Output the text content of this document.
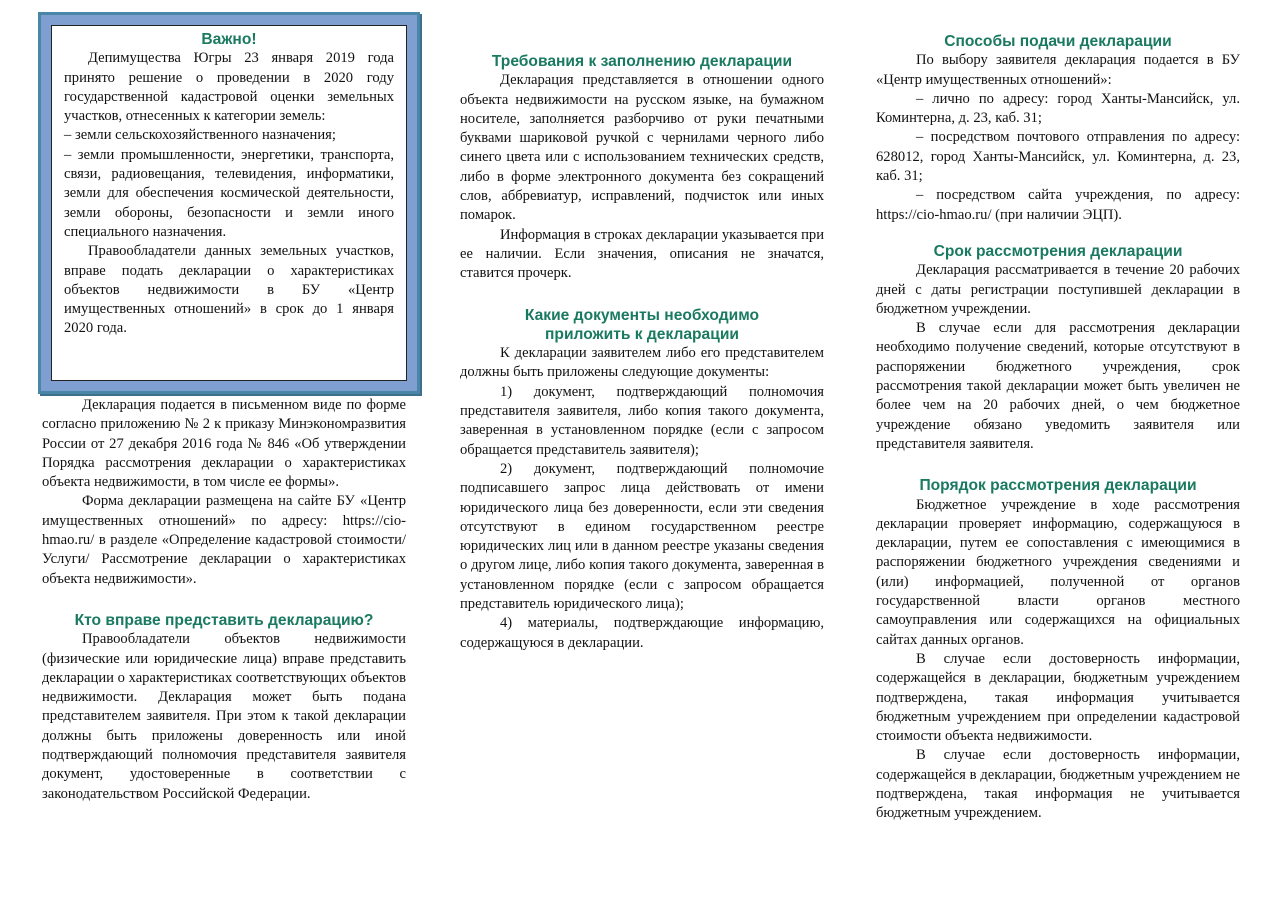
Важно!

Депимущества Югры 23 января 2019 года принято решение о проведении в 2020 году государственной кадастровой оценки земельных участков, отнесенных к категории земель:

– земли сельскохозяйственного назначения;

– земли промышленности, энергетики, транспорта, связи, радиовещания, телевидения, информатики, земли для обеспечения космической деятельности, земли обороны, безопасности и земли иного специального назначения.

Правообладатели данных земельных участков, вправе подать декларации о характеристиках объектов недвижимости в БУ «Центр имущественных отношений» в срок до 1 января 2020 года.

Декларация подается в письменном виде по форме согласно приложению № 2 к приказу Минэкономразвития России от 27 декабря 2016 года № 846 «Об утверждении Порядка рассмотрения декларации о характеристиках объекта недвижимости, в том числе ее формы».

Форма декларации размещена на сайте БУ «Центр имущественных отношений» по адресу: https://cio-hmao.ru/ в разделе «Определение кадастровой стоимости/Услуги/ Рассмотрение декларации о характеристиках объекта недвижимости».

Кто вправе представить декларацию?

Правообладатели объектов недвижимости (физические или юридические лица) вправе представить декларации о характеристиках соответствующих объектов недвижимости. Декларация может быть подана представителем заявителя. При этом к такой декларации должны быть приложены доверенность или иной подтверждающий полномочия представителя заявителя документ, удостоверенные в соответствии с законодательством Российской Федерации.

Требования к заполнению декларации

Декларация представляется в отношении одного объекта недвижимости на русском языке, на бумажном носителе, заполняется разборчиво от руки печатными буквами шариковой ручкой с чернилами черного либо синего цвета или с использованием технических средств, либо в форме электронного документа без сокращений слов, аббревиатур, исправлений, подчисток или иных помарок.

Информация в строках декларации указывается при ее наличии. Если значения, описания не значатся, ставится прочерк.

Какие документы необходимо
приложить к декларации

К декларации заявителем либо его представителем должны быть приложены следующие документы:

1) документ, подтверждающий полномочия представителя заявителя, либо копия такого документа, заверенная в установленном порядке (если с запросом обращается представитель заявителя);

2) документ, подтверждающий полномочие подписавшего запрос лица действовать от имени юридического лица без доверенности, если эти сведения отсутствуют в едином государственном реестре юридических лиц или в данном реестре указаны сведения о другом лице, либо копия такого документа, заверенная в установленном порядке (если с запросом обращается представитель юридического лица);

4) материалы, подтверждающие информацию, содержащуюся в декларации.

Способы подачи декларации

По выбору заявителя декларация подается в БУ «Центр имущественных отношений»:

– лично по адресу: город Ханты-Мансийск, ул. Коминтерна, д. 23, каб. 31;

– посредством почтового отправления по адресу: 628012, город Ханты-Мансийск, ул. Коминтерна, д. 23, каб. 31;

– посредством сайта учреждения, по адресу: https://cio-hmao.ru/ (при наличии ЭЦП).

Срок рассмотрения декларации

Декларация рассматривается в течение 20 рабочих дней с даты регистрации поступившей декларации в бюджетном учреждении.

В случае если для рассмотрения декларации необходимо получение сведений, которые отсутствуют в распоряжении бюджетного учреждения, срок рассмотрения такой декларации может быть увеличен не более чем на 20 рабочих дней, о чем бюджетное учреждение обязано уведомить заявителя или представителя заявителя.

Порядок рассмотрения декларации

Бюджетное учреждение в ходе рассмотрения декларации проверяет информацию, содержащуюся в декларации, путем ее сопоставления с имеющимися в распоряжении бюджетного учреждения сведениями и (или) информацией, полученной от органов государственной власти органов местного самоуправления или содержащихся на официальных сайтах данных органов.

В случае если достоверность информации, содержащейся в декларации, бюджетным учреждением подтверждена, такая информация учитывается бюджетным учреждением при определении кадастровой стоимости объекта недвижимости.

В случае если достоверность информации, содержащейся в декларации, бюджетным учреждением не подтверждена, такая информация не учитывается бюджетным учреждением.
